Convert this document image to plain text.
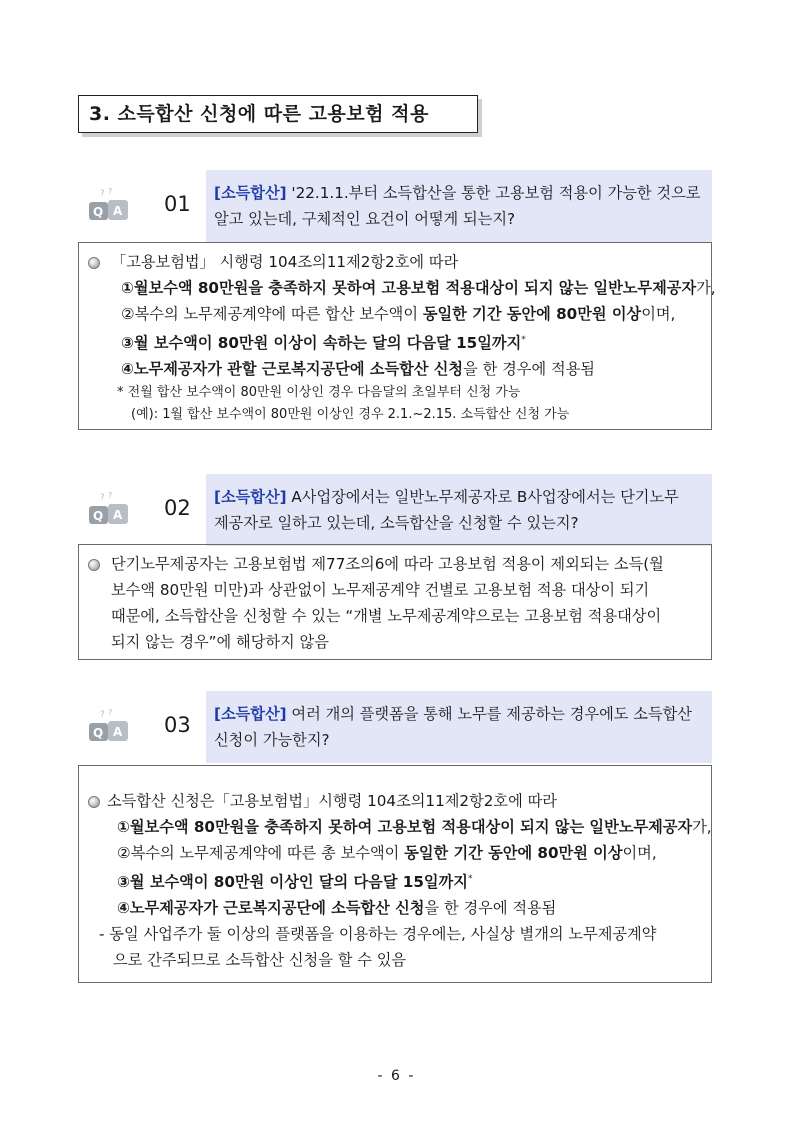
3. 소득합산 신청에 따른 고용보험 적용
? ?
Q A 01 [소득합산] '22.1.1.부터 소득합산을 통한 고용보험 적용이 가능한 것으로
알고 있는데, 구체적인 요건이 어떻게 되는지?
「고용보험법」 시행령 104조의11제2항2호에 따라
①월보수액 80만원을 충족하지 못하여 고용보험 적용대상이 되지 않는 일반노무제공자가,
②복수의 노무제공계약에 따른 합산 보수액이 동일한 기간 동안에 80만원 이상이며,
③월 보수액이 80만원 이상이 속하는 달의 다음달 15일까지*
④노무제공자가 관할 근로복지공단에 소득합산 신청을 한 경우에 적용됨
* 전월 합산 보수액이 80만원 이상인 경우 다음달의 초일부터 신청 가능
(예): 1월 합산 보수액이 80만원 이상인 경우 2.1.~2.15. 소득합산 신청 가능
? ?
Q A 02 [소득합산] A사업장에서는 일반노무제공자로 B사업장에서는 단기노무
제공자로 일하고 있는데, 소득합산을 신청할 수 있는지?
단기노무제공자는 고용보험법 제77조의6에 따라 고용보험 적용이 제외되는 소득(월
보수액 80만원 미만)과 상관없이 노무제공계약 건별로 고용보험 적용 대상이 되기
때문에, 소득합산을 신청할 수 있는 “개별 노무제공계약으로는 고용보험 적용대상이
되지 않는 경우”에 해당하지 않음
? ?
Q A 03 [소득합산] 여러 개의 플랫폼을 통해 노무를 제공하는 경우에도 소득합산
신청이 가능한지?
소득합산 신청은「고용보험법」시행령 104조의11제2항2호에 따라
①월보수액 80만원을 충족하지 못하여 고용보험 적용대상이 되지 않는 일반노무제공자가,
②복수의 노무제공계약에 따른 총 보수액이 동일한 기간 동안에 80만원 이상이며,
③월 보수액이 80만원 이상인 달의 다음달 15일까지*
④노무제공자가 근로복지공단에 소득합산 신청을 한 경우에 적용됨
- 동일 사업주가 둘 이상의 플랫폼을 이용하는 경우에는, 사실상 별개의 노무제공계약
으로 간주되므로 소득합산 신청을 할 수 있음
- 6 -
